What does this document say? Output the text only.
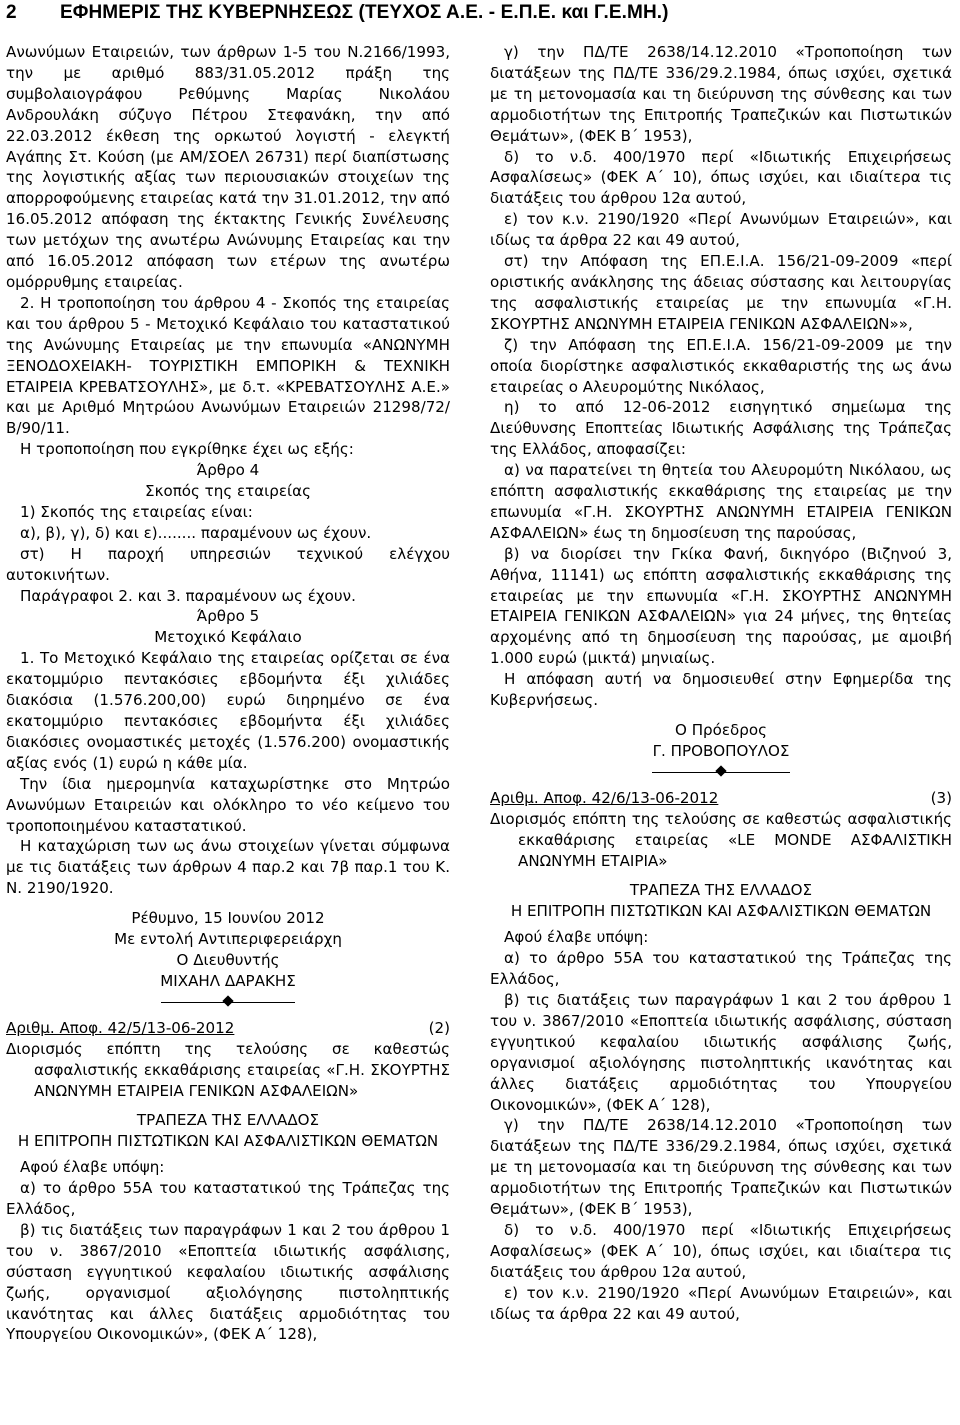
2 ΕΦΗΜΕΡΙΣ ΤΗΣ ΚΥΒΕΡΝΗΣΕΩΣ (ΤΕΥΧΟΣ Α.Ε. - Ε.Π.Ε. και Γ.Ε.ΜΗ.)
Ανωνύμων Εταιρειών, των άρθρων 1-5 του Ν.2166/1993, την με αριθμό 883/31.05.2012 πράξη της συμβολαιογράφου Ρεθύμνης Μαρίας Νικολάου Ανδρουλάκη σύζυγο Πέτρου Στεφανάκη, την από 22.03.2012 έκθεση της ορκωτού λογιστή - ελεγκτή Αγάπης Στ. Κούση (με ΑΜ/ΣΟΕΛ 26731) περί διαπίστωσης της λογιστικής αξίας των περιουσιακών στοιχείων της απορροφούμενης εταιρείας κατά την 31.01.2012, την από 16.05.2012 απόφαση της έκτακτης Γενικής Συνέλευσης των μετόχων της ανωτέρω Ανώνυμης Εταιρείας και την από 16.05.2012 απόφαση των ετέρων της ανωτέρω ομόρρυθμης εταιρείας.
2. Η τροποποίηση του άρθρου 4 - Σκοπός της εταιρείας και του άρθρου 5 - Μετοχικό Κεφάλαιο του καταστατικού της Ανώνυμης Εταιρείας με την επωνυμία «ΑΝΩΝΥΜΗ ΞΕΝΟΔΟΧΕΙΑΚΗ- ΤΟΥΡΙΣΤΙΚΗ ΕΜΠΟΡΙΚΗ & ΤΕΧΝΙΚΗ ΕΤΑΙΡΕΙΑ ΚΡΕΒΑΤΣΟΥΛΗΣ», με δ.τ. «ΚΡΕΒΑΤΣΟΥΛΗΣ Α.Ε.» και με Αριθμό Μητρώου Ανωνύμων Εταιρειών 21298/72/Β/90/11.
Η τροποποίηση που εγκρίθηκε έχει ως εξής:
Άρθρο 4
Σκοπός της εταιρείας
1) Σκοπός της εταιρείας είναι:
α), β), γ), δ) και ε)........ παραμένουν ως έχουν.
στ) Η παροχή υπηρεσιών τεχνικού ελέγχου αυτοκινήτων.
Παράγραφοι 2. και 3. παραμένουν ως έχουν.
Άρθρο 5
Μετοχικό Κεφάλαιο
1. Το Μετοχικό Κεφάλαιο της εταιρείας ορίζεται σε ένα εκατομμύριο πεντακόσιες εβδομήντα έξι χιλιάδες διακόσια (1.576.200,00) ευρώ διηρημένο σε ένα εκατομμύριο πεντακόσιες εβδομήντα έξι χιλιάδες διακόσιες ονομαστικές μετοχές (1.576.200) ονομαστικής αξίας ενός (1) ευρώ η κάθε μία.
Την ίδια ημερομηνία καταχωρίστηκε στο Μητρώο Ανωνύμων Εταιρειών και ολόκληρο το νέο κείμενο του τροποποιημένου καταστατικού.
Η καταχώριση των ως άνω στοιχείων γίνεται σύμφωνα με τις διατάξεις των άρθρων 4 παρ.2 και 7β παρ.1 του Κ. Ν. 2190/1920.
Ρέθυμνο, 15 Ιουνίου 2012
Με εντολή Αντιπεριφερειάρχη
Ο Διευθυντής
ΜΙΧΑΗΛ ΔΑΡΑΚΗΣ
Αριθμ. Αποφ. 42/5/13-06-2012	(2)
Διορισμός επόπτη της τελούσης σε καθεστώς ασφαλιστικής εκκαθάρισης εταιρείας «Γ.Η. ΣΚΟΥΡΤΗΣ ΑΝΩΝΥΜΗ ΕΤΑΙΡΕΙΑ ΓΕΝΙΚΩΝ ΑΣΦΑΛΕΙΩΝ»
ΤΡΑΠΕΖΑ ΤΗΣ ΕΛΛΑΔΟΣ
Η ΕΠΙΤΡΟΠΗ ΠΙΣΤΩΤΙΚΩΝ ΚΑΙ ΑΣΦΑΛΙΣΤΙΚΩΝ ΘΕΜΑΤΩΝ
Αφού έλαβε υπόψη:
α) το άρθρο 55Α του καταστατικού της Τράπεζας της Ελλάδος,
β) τις διατάξεις των παραγράφων 1 και 2 του άρθρου 1 του ν. 3867/2010 «Εποπτεία ιδιωτικής ασφάλισης, σύσταση εγγυητικού κεφαλαίου ιδιωτικής ασφάλισης ζωής, οργανισμοί αξιολόγησης πιστοληπτικής ικανότητας και άλλες διατάξεις αρμοδιότητας του Υπουργείου Οικονομικών», (ΦΕΚ Α΄ 128),
γ) την ΠΔ/ΤΕ 2638/14.12.2010 «Τροποποίηση των διατάξεων της ΠΔ/ΤΕ 336/29.2.1984, όπως ισχύει, σχετικά με τη μετονομασία και τη διεύρυνση της σύνθεσης και των αρμοδιοτήτων της Επιτροπής Τραπεζικών και Πιστωτικών Θεμάτων», (ΦΕΚ Β΄ 1953),
δ) το ν.δ. 400/1970 περί «Ιδιωτικής Επιχειρήσεως Ασφαλίσεως» (ΦΕΚ Α΄ 10), όπως ισχύει, και ιδιαίτερα τις διατάξεις του άρθρου 12α αυτού,
ε) τον κ.ν. 2190/1920 «Περί Ανωνύμων Εταιρειών», και ιδίως τα άρθρα 22 και 49 αυτού,
στ) την Απόφαση της ΕΠ.Ε.Ι.Α. 156/21-09-2009 «περί οριστικής ανάκλησης της άδειας σύστασης και λειτουργίας της ασφαλιστικής εταιρείας με την επωνυμία «Γ.Η. ΣΚΟΥΡΤΗΣ ΑΝΩΝΥΜΗ ΕΤΑΙΡΕΙΑ ΓΕΝΙΚΩΝ ΑΣΦΑΛΕΙΩΝ»»,
ζ) την Απόφαση της ΕΠ.Ε.Ι.Α. 156/21-09-2009 με την οποία διορίστηκε ασφαλιστικός εκκαθαριστής της ως άνω εταιρείας ο Αλευρομύτης Νικόλαος,
η) το από 12-06-2012 εισηγητικό σημείωμα της Διεύθυνσης Εποπτείας Ιδιωτικής Ασφάλισης της Τράπεζας της Ελλάδος, αποφασίζει:
α) να παρατείνει τη θητεία του Αλευρομύτη Νικόλαου, ως επόπτη ασφαλιστικής εκκαθάρισης της εταιρείας με την επωνυμία «Γ.Η. ΣΚΟΥΡΤΗΣ ΑΝΩΝΥΜΗ ΕΤΑΙΡΕΙΑ ΓΕΝΙΚΩΝ ΑΣΦΑΛΕΙΩΝ» έως τη δημοσίευση της παρούσας,
β) να διορίσει την Γκίκα Φανή, δικηγόρο (Βιζηνού 3, Αθήνα, 11141) ως επόπτη ασφαλιστικής εκκαθάρισης της εταιρείας με την επωνυμία «Γ.Η. ΣΚΟΥΡΤΗΣ ΑΝΩΝΥΜΗ ΕΤΑΙΡΕΙΑ ΓΕΝΙΚΩΝ ΑΣΦΑΛΕΙΩΝ» για 24 μήνες, της θητείας αρχομένης από τη δημοσίευση της παρούσας, με αμοιβή 1.000 ευρώ (μικτά) μηνιαίως.
Η απόφαση αυτή να δημοσιευθεί στην Εφημερίδα της Κυβερνήσεως.
Ο Πρόεδρος
Γ. ΠΡΟΒΟΠΟΥΛΟΣ
Αριθμ. Αποφ. 42/6/13-06-2012	(3)
Διορισμός επόπτη της τελούσης σε καθεστώς ασφαλιστικής εκκαθάρισης εταιρείας «LE MONDE ΑΣΦΑΛΙΣΤΙΚΗ ΑΝΩΝΥΜΗ ΕΤΑΙΡΙΑ»
ΤΡΑΠΕΖΑ ΤΗΣ ΕΛΛΑΔΟΣ
Η ΕΠΙΤΡΟΠΗ ΠΙΣΤΩΤΙΚΩΝ ΚΑΙ ΑΣΦΑΛΙΣΤΙΚΩΝ ΘΕΜΑΤΩΝ
Αφού έλαβε υπόψη:
α) το άρθρο 55Α του καταστατικού της Τράπεζας της Ελλάδος,
β) τις διατάξεις των παραγράφων 1 και 2 του άρθρου 1 του ν. 3867/2010 «Εποπτεία ιδιωτικής ασφάλισης, σύσταση εγγυητικού κεφαλαίου ιδιωτικής ασφάλισης ζωής, οργανισμοί αξιολόγησης πιστοληπτικής ικανότητας και άλλες διατάξεις αρμοδιότητας του Υπουργείου Οικονομικών», (ΦΕΚ Α΄ 128),
γ) την ΠΔ/ΤΕ 2638/14.12.2010 «Τροποποίηση των διατάξεων της ΠΔ/ΤΕ 336/29.2.1984, όπως ισχύει, σχετικά με τη μετονομασία και τη διεύρυνση της σύνθεσης και των αρμοδιοτήτων της Επιτροπής Τραπεζικών και Πιστωτικών Θεμάτων», (ΦΕΚ Β΄ 1953),
δ) το ν.δ. 400/1970 περί «Ιδιωτικής Επιχειρήσεως Ασφαλίσεως» (ΦΕΚ Α΄ 10), όπως ισχύει, και ιδιαίτερα τις διατάξεις του άρθρου 12α αυτού,
ε) τον κ.ν. 2190/1920 «Περί Ανωνύμων Εταιρειών», και ιδίως τα άρθρα 22 και 49 αυτού,
